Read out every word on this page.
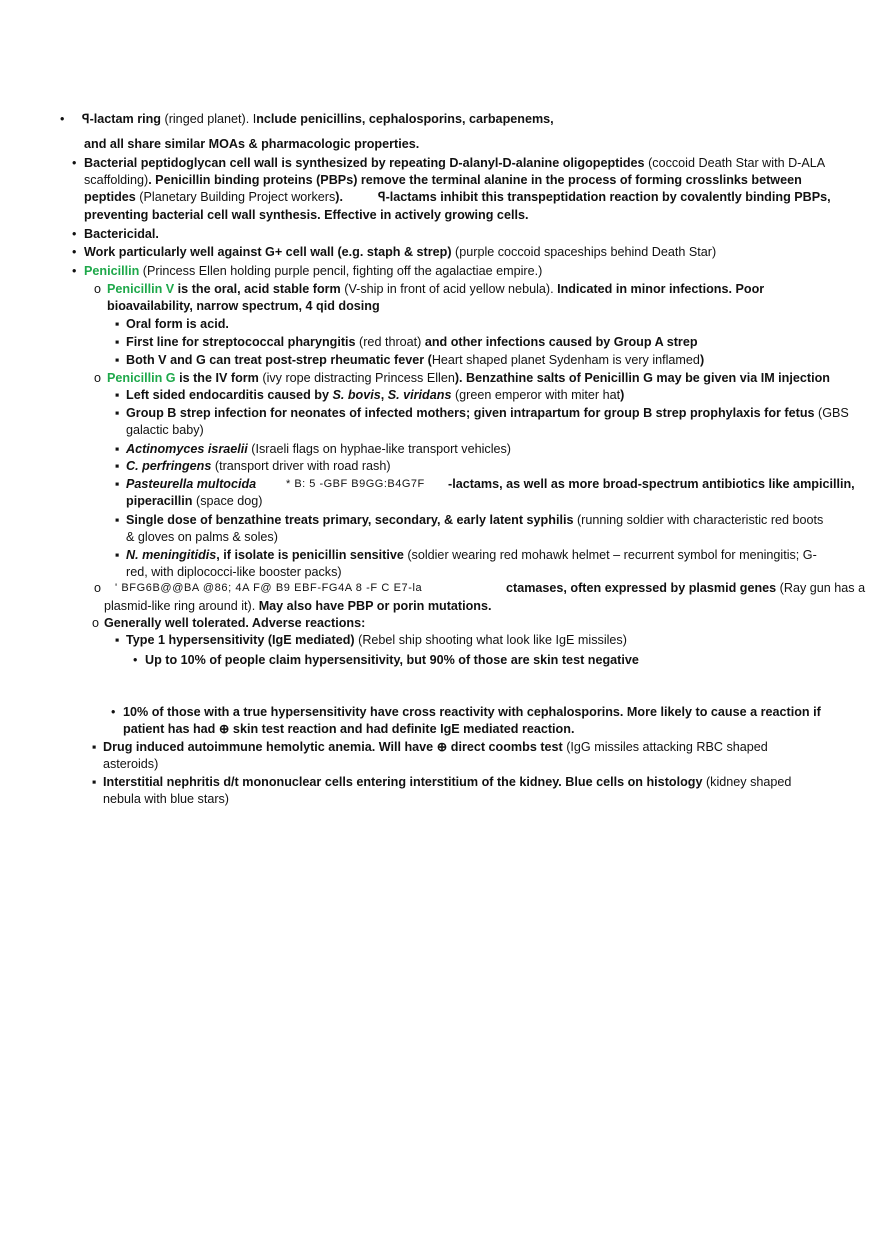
•	ꟼ-lactam ring (ringed planet). Include penicillins, cephalosporins, carbapenems,
and all share similar MOAs & pharmacologic properties.
• Bacterial peptidoglycan cell wall is synthesized by repeating D-alanyl-D-alanine oligopeptides (coccoid Death Star with D-ALA
scaffolding). Penicillin binding proteins (PBPs) remove the terminal alanine in the process of forming crosslinks between
peptides (Planetary Building Project workers).	ꟼ-lactams inhibit this transpeptidation reaction by covalently binding PBPs,
preventing bacterial cell wall synthesis. Effective in actively growing cells.
• Bactericidal.
• Work particularly well against G+ cell wall (e.g. staph & strep) (purple coccoid spaceships behind Death Star)
• Penicillin (Princess Ellen holding purple pencil, fighting off the agalactiae empire.)
o Penicillin V is the oral, acid stable form (V-ship in front of acid yellow nebula). Indicated in minor infections. Poor
bioavailability, narrow spectrum, 4 qid dosing
▪ Oral form is acid.
▪ First line for streptococcal pharyngitis (red throat) and other infections caused by Group A strep
▪ Both V and G can treat post-strep rheumatic fever (Heart shaped planet Sydenham is very inflamed)
o Penicillin G is the IV form (ivy rope distracting Princess Ellen). Benzathine salts of Penicillin G may be given via IM injection
▪ Left sided endocarditis caused by S. bovis, S. viridans (green emperor with miter hat)
▪ Group B strep infection for neonates of infected mothers; given intrapartum for group B strep prophylaxis for fetus (GBS
galactic baby)
▪ Actinomyces israelii (Israeli flags on hyphae-like transport vehicles)
▪ C. perfringens (transport driver with road rash)
▪ Pasteurella multocida	* B: 5 -GBF B9GG:B4G7F -lactams, as well as more broad-spectrum antibiotics like ampicillin,
piperacillin (space dog)
▪ Single dose of benzathine treats primary, secondary, & early latent syphilis (running soldier with characteristic red boots
& gloves on palms & soles)
▪ N. meningitidis, if isolate is penicillin sensitive (soldier wearing red mohawk helmet – recurrent symbol for meningitis; G-
red, with diplococci-like booster packs)
o	' BFG6B@@BA @86; 4A F@ B9 EBF-FG4A 8 -F C E7-la	ctamases, often expressed by plasmid genes (Ray gun has a
plasmid-like ring around it). May also have PBP or porin mutations.
o Generally well tolerated. Adverse reactions:
▪ Type 1 hypersensitivity (IgE mediated) (Rebel ship shooting what look like IgE missiles)
• Up to 10% of people claim hypersensitivity, but 90% of those are skin test negative
• 10% of those with a true hypersensitivity have cross reactivity with cephalosporins. More likely to cause a reaction if
patient has had ⊕ skin test reaction and had definite IgE mediated reaction.
▪ Drug induced autoimmune hemolytic anemia. Will have ⊕ direct coombs test (IgG missiles attacking RBC shaped
asteroids)
▪ Interstitial nephritis d/t mononuclear cells entering interstitium of the kidney. Blue cells on histology (kidney shaped
nebula with blue stars)
